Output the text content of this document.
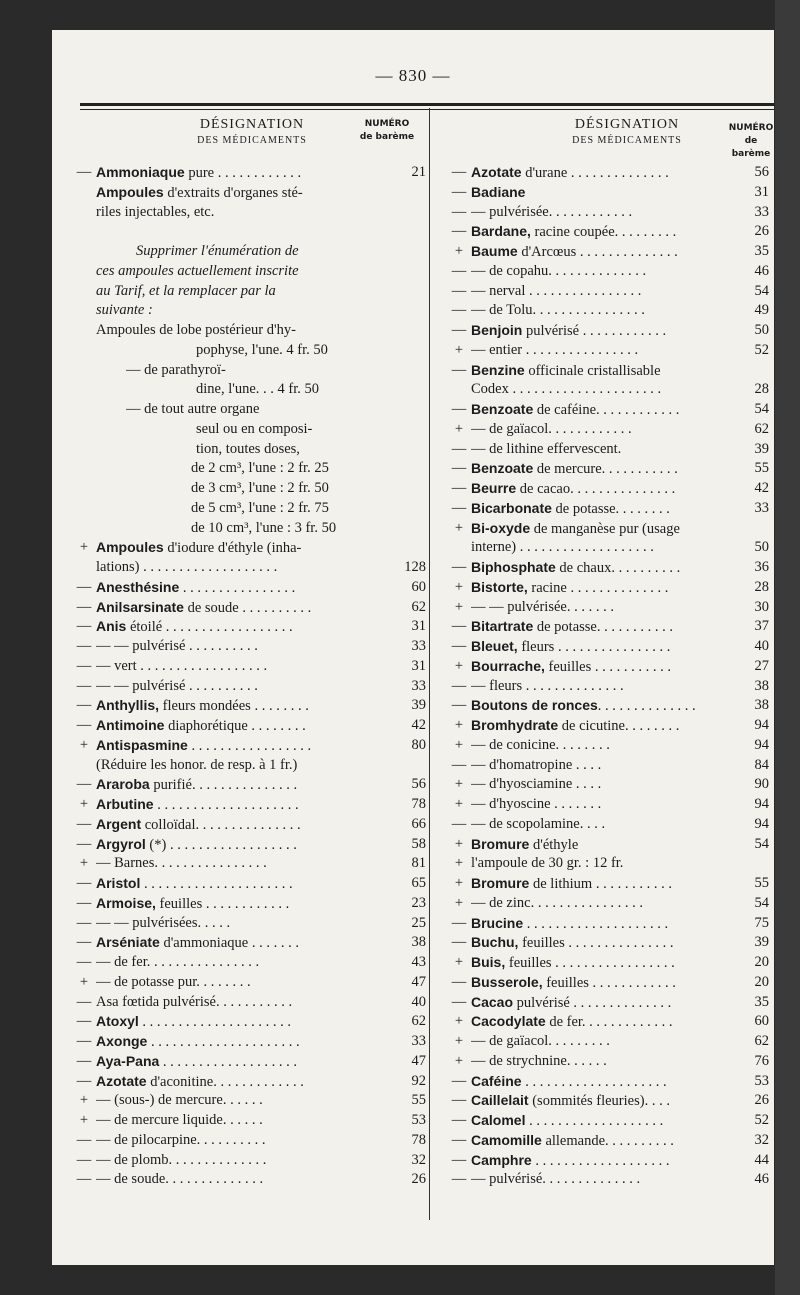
— 830 —
DÉSIGNATION
DES MÉDICAMENTS
NUMÉRO
de barème
DÉSIGNATION
DES MÉDICAMENTS
NUMÉRO
de barème
— Ammoniaque pure . . . . . . . . . . . .	21
Ampoules d'extraits d'organes sté-
riles injectables, etc.
Supprimer l'énumération de
ces ampoules actuellement inscrite
au Tarif, et la remplacer par la
suivante :
Ampoules de lobe postérieur d'hy-
pophyse, l'une. 4 fr. 50
— de parathyroï-
dine, l'une. . . 4 fr. 50
— de tout autre organe
seul ou en composi-
tion, toutes doses,
de 2 cm³, l'une : 2 fr. 25
de 3 cm³, l'une : 2 fr. 50
de 5 cm³, l'une : 2 fr. 75
de 10 cm³, l'une : 3 fr. 50
+ Ampoules d'iodure d'éthyle (inha-
lations) . . . . . . . . . . . . . . . . . . .	128
— Anesthésine . . . . . . . . . . . . . . . .	60
— Anilsarsinate de soude . . . . . . . . . .	62
— Anis étoilé . . . . . . . . . . . . . . . . . .	31
— — — pulvérisé . . . . . . . . . .	33
— — vert . . . . . . . . . . . . . . . . . .	31
— — — pulvérisé . . . . . . . . . .	33
— Anthyllis, fleurs mondées . . . . . . . .	39
— Antimoine diaphorétique . . . . . . . .	42
+ Antispasmine . . . . . . . . . . . . . . . . .	80
(Réduire les honor. de resp. à 1 fr.)
— Araroba purifié. . . . . . . . . . . . . . .	56
+ Arbutine . . . . . . . . . . . . . . . . . . . .	78
— Argent colloïdal. . . . . . . . . . . . . . .	66
— Argyrol (*) . . . . . . . . . . . . . . . . . .	58
+ — Barnes. . . . . . . . . . . . . . . .	81
— Aristol . . . . . . . . . . . . . . . . . . . . .	65
— Armoise, feuilles . . . . . . . . . . . .	23
— — — pulvérisées. . . . .	25
— Arséniate d'ammoniaque . . . . . . .	38
— — de fer. . . . . . . . . . . . . . . .	43
+ — de potasse pur. . . . . . . .	47
— Asa fœtida pulvérisé. . . . . . . . . . .	40
— Atoxyl . . . . . . . . . . . . . . . . . . . . .	62
— Axonge . . . . . . . . . . . . . . . . . . . . .	33
— Aya-Pana . . . . . . . . . . . . . . . . . . .	47
— Azotate d'aconitine. . . . . . . . . . . . .	92
+ — (sous-) de mercure. . . . . .	55
+ — de mercure liquide. . . . . .	53
— — de pilocarpine. . . . . . . . . .	78
— — de plomb. . . . . . . . . . . . . .	32
— — de soude. . . . . . . . . . . . . .	26
— Azotate d'urane . . . . . . . . . . . . . .	56
— Badiane	31
— — pulvérisée. . . . . . . . . . . .	33
— Bardane, racine coupée. . . . . . . . .	26
+ Baume d'Arcœus . . . . . . . . . . . . . .	35
— — de copahu. . . . . . . . . . . . . .	46
— — nerval . . . . . . . . . . . . . . . .	54
— — de Tolu. . . . . . . . . . . . . . . .	49
— Benjoin pulvérisé . . . . . . . . . . . .	50
+ — entier . . . . . . . . . . . . . . . .	52
— Benzine officinale cristallisable
Codex . . . . . . . . . . . . . . . . . . . . .	28
— Benzoate de caféine. . . . . . . . . . . .	54
+ — de gaïacol. . . . . . . . . . . .	62
— — de lithine effervescent.	39
— Benzoate de mercure. . . . . . . . . . .	55
— Beurre de cacao. . . . . . . . . . . . . . .	42
— Bicarbonate de potasse. . . . . . . .	33
+ Bi-oxyde de manganèse pur (usage
interne) . . . . . . . . . . . . . . . . . . .	50
— Biphosphate de chaux. . . . . . . . . .	36
+ Bistorte, racine . . . . . . . . . . . . . .	28
+ — — pulvérisée. . . . . . .	30
— Bitartrate de potasse. . . . . . . . . . .	37
— Bleuet, fleurs . . . . . . . . . . . . . . . .	40
+ Bourrache, feuilles . . . . . . . . . . .	27
— — fleurs . . . . . . . . . . . . . .	38
— Boutons de ronces. . . . . . . . . . . . . .	38
+ Bromhydrate de cicutine. . . . . . . .	94
+ — de conicine. . . . . . . .	94
— — d'homatropine . . . .	84
+ — d'hyosciamine . . . .	90
+ — d'hyoscine . . . . . . .	94
— — de scopolamine. . . .	94
+ Bromure d'éthyle	54
+ l'ampoule de 30 gr. : 12 fr.
+ Bromure de lithium . . . . . . . . . . .	55
+ — de zinc. . . . . . . . . . . . . . . .	54
— Brucine . . . . . . . . . . . . . . . . . . . .	75
— Buchu, feuilles . . . . . . . . . . . . . . .	39
+ Buis, feuilles . . . . . . . . . . . . . . . . .	20
— Busserole, feuilles . . . . . . . . . . . .	20
— Cacao pulvérisé . . . . . . . . . . . . . .	35
+ Cacodylate de fer. . . . . . . . . . . . .	60
+ — de gaïacol. . . . . . . . .	62
+ — de strychnine. . . . . .	76
— Caféine . . . . . . . . . . . . . . . . . . . .	53
— Caillelait (sommités fleuries). . . .	26
— Calomel . . . . . . . . . . . . . . . . . . .	52
— Camomille allemande. . . . . . . . . .	32
— Camphre . . . . . . . . . . . . . . . . . . .	44
— — pulvérisé. . . . . . . . . . . . . .	46
